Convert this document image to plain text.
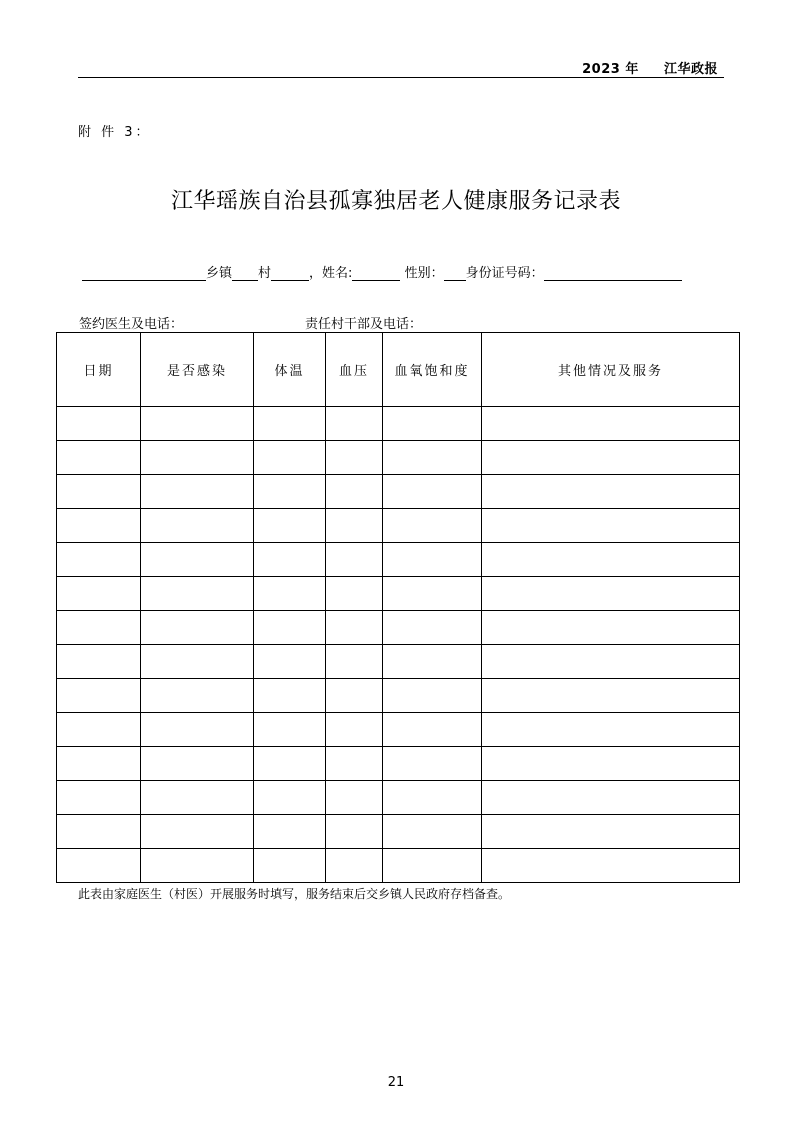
2023 年 江华政报
附 件 3：
江华瑶族自治县孤寡独居老人健康服务记录表
乡镇 村	，姓名:	性别： 身份证号码：
签约医生及电话：	责任村干部及电话：
日期	是否感染	体温	血压	血氧饱和度	其他情况及服务

此表由家庭医生（村医）开展服务时填写，服务结束后交乡镇人民政府存档备查。
21
